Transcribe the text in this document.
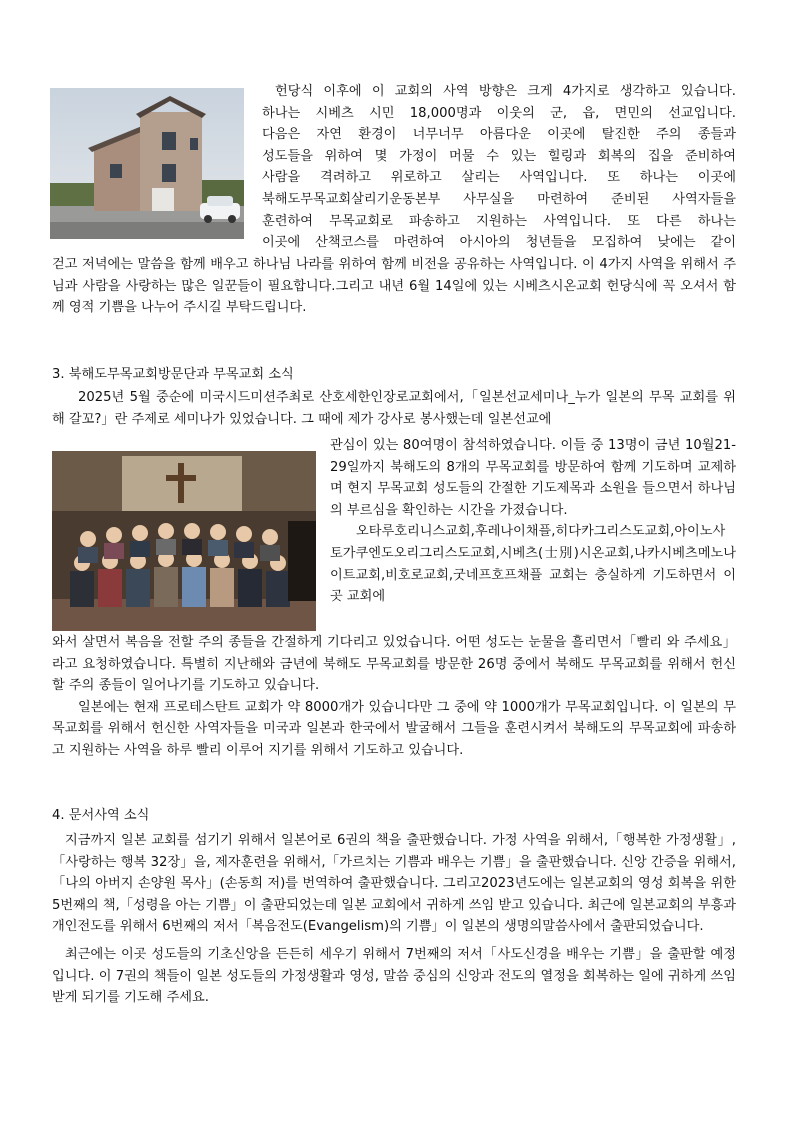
헌당식 이후에 이 교회의 사역 방향은 크게 4가지로 생각하고 있습니다.

하나는 시베츠 시민 18,000명과 이웃의 군, 읍, 면민의 선교입니다.

다음은 자연 환경이 너무너무 아름다운 이곳에 탈진한 주의 종들과

성도들을 위하여 몇 가정이 머물 수 있는 힐링과 회복의 집을 준비하여

사람을 격려하고 위로하고 살리는 사역입니다. 또 하나는 이곳에

북해도무목교회살리기운동본부 사무실을 마련하여 준비된 사역자들을

훈련하여 무목교회로 파송하고 지원하는 사역입니다. 또 다른 하나는

이곳에 산책코스를 마련하여 아시아의 청년들을 모집하여 낮에는 같이

걷고 저녁에는 말씀을 함께 배우고 하나님 나라를 위하여 함께 비전을 공유하는 사역입니다. 이 4가지 사역을 위해서 주님과 사람을 사랑하는 많은 일꾼들이 필요합니다.그리고 내년 6월 14일에 있는 시베츠시온교회 헌당식에 꼭 오셔서 함께 영적 기쁨을 나누어 주시길 부탁드립니다.

3. 북해도무목교회방문단과 무목교회 소식

2025년 5월 중순에 미국시드미션주최로 산호세한인장로교회에서,「일본선교세미나_누가 일본의 무목 교회를 위해 갈꼬?」란 주제로 세미나가 있었습니다. 그 때에 제가 강사로 봉사했는데 일본선교에

관심이 있는 80여명이 참석하였습니다. 이들 중 13명이 금년 10월21-29일까지 북해도의 8개의 무목교회를 방문하여 함께 기도하며 교제하며 현지 무목교회 성도들의 간절한 기도제목과 소원을 들으면서 하나님의 부르심을 확인하는 시간을 가졌습니다.

오타루호리니스교회,후레나이채플,히다카그리스도교회,아이노사토가쿠엔도오리그리스도교회,시베츠(士別)시온교회,나카시베츠메노나이트교회,비호로교회,굿네프호프채플 교회는 충실하게 기도하면서 이곳 교회에

와서 살면서 복음을 전할 주의 종들을 간절하게 기다리고 있었습니다. 어떤 성도는 눈물을 흘리면서「빨리 와 주세요」라고 요청하였습니다. 특별히 지난해와 금년에 북해도 무목교회를 방문한 26명 중에서 북해도 무목교회를 위해서 헌신할 주의 종들이 일어나기를 기도하고 있습니다.

일본에는 현재 프로테스탄트 교회가 약 8000개가 있습니다만 그 중에 약 1000개가 무목교회입니다. 이 일본의 무목교회를 위해서 헌신한 사역자들을 미국과 일본과 한국에서 발굴해서 그들을 훈련시켜서 북해도의 무목교회에 파송하고 지원하는 사역을 하루 빨리 이루어 지기를 위해서 기도하고 있습니다.

4. 문서사역 소식

지금까지 일본 교회를 섬기기 위해서 일본어로 6권의 책을 출판했습니다. 가정 사역을 위해서,「행복한 가정생활」,「사랑하는 행복 32장」을, 제자훈련을 위해서,「가르치는 기쁨과 배우는 기쁨」을 출판했습니다. 신앙 간증을 위해서,「나의 아버지 손양원 목사」(손동희 저)를 번역하여 출판했습니다. 그리고2023년도에는 일본교회의 영성 회복을 위한 5번째의 책,「성령을 아는 기쁨」이 출판되었는데 일본 교회에서 귀하게 쓰임 받고 있습니다. 최근에 일본교회의 부흥과 개인전도를 위해서 6번째의 저서「복음전도(Evangelism)의 기쁨」이 일본의 생명의말씀사에서 출판되었습니다.

최근에는 이곳 성도들의 기초신앙을 든든히 세우기 위해서 7번째의 저서「사도신경을 배우는 기쁨」을 출판할 예정입니다. 이 7권의 책들이 일본 성도들의 가정생활과 영성, 말씀 중심의 신앙과 전도의 열정을 회복하는 일에 귀하게 쓰임받게 되기를 기도해 주세요.
